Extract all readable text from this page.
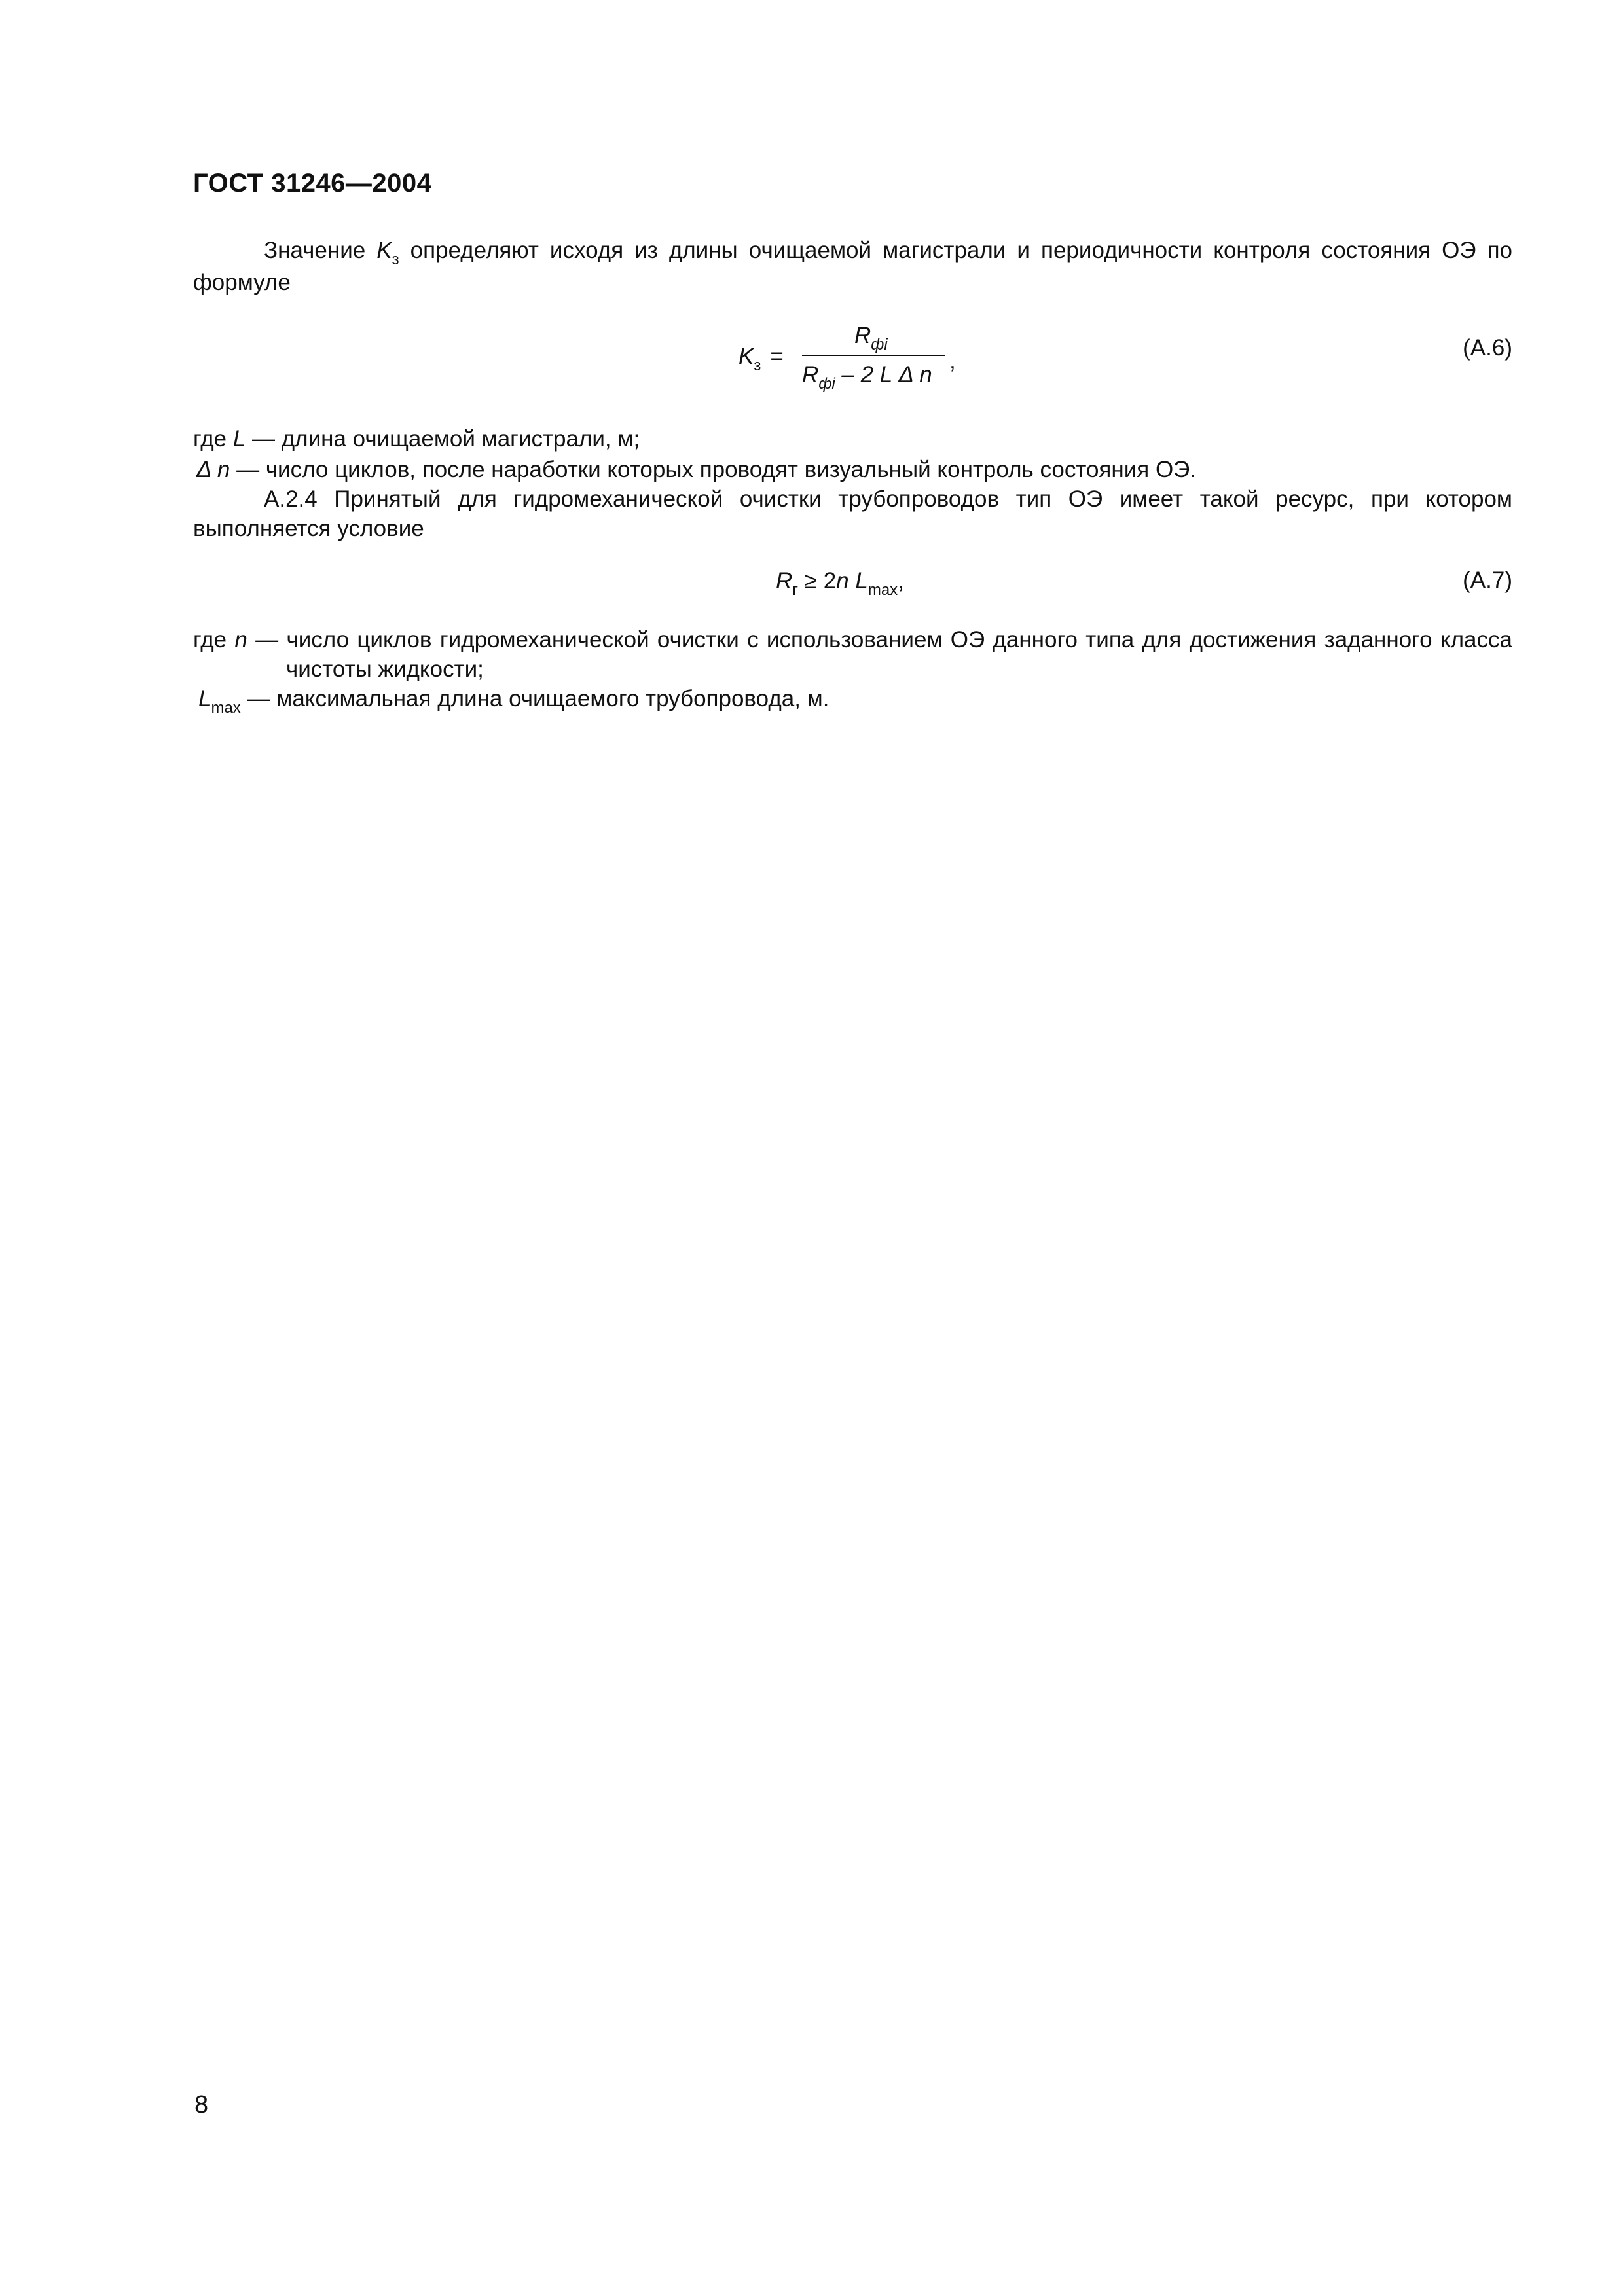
ГОСТ 31246—2004
Значение $K_з$ определяют исходя из длины очищаемой магистрали и периодичности контроля состояния ОЭ по формуле
$K_з$ =
$R_{фi}$
$R_{фi} - 2$ L Δ n
,
(А.6)
где L — длина очищаемой магистрали, м;
Δ n — число циклов, после наработки которых проводят визуальный контроль состояния ОЭ.
А.2.4 Принятый для гидромеханической очистки трубопроводов тип ОЭ имеет такой ресурс, при котором выполняется условие
$R_г \ge 2n$ $L_{max}$,	(А.7)
где n — число циклов гидромеханической очистки с использованием ОЭ данного типа для достижения заданного класса чистоты жидкости;
$L_{max}$ — максимальная длина очищаемого трубопровода, м.
8
